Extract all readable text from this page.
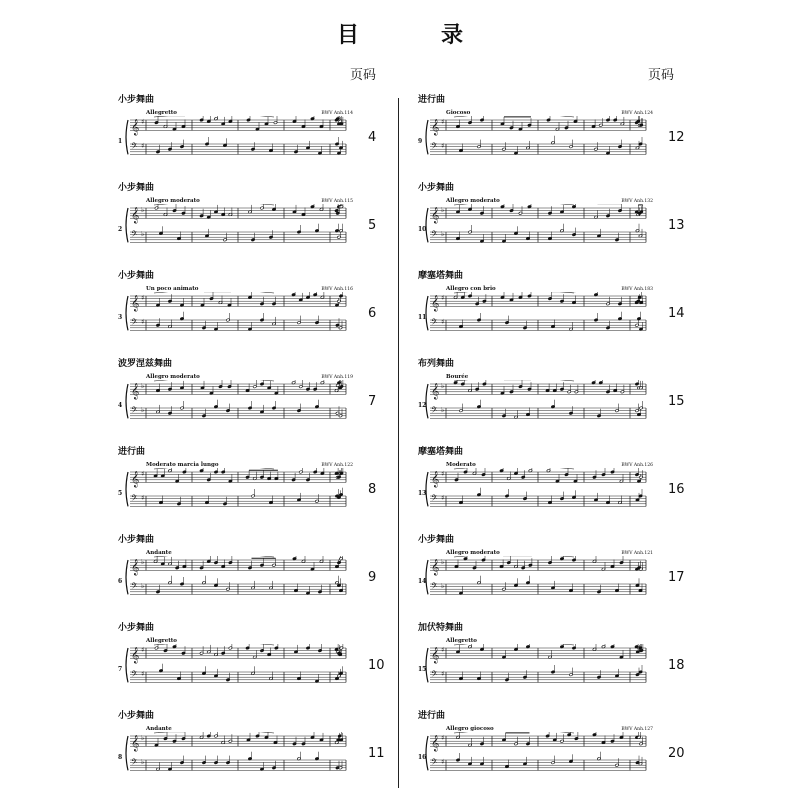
目　录
页码	页码
小步舞曲
Allegretto	BWV Anh.114
1
𝄞 ♯
𝄢 ♯
4
小步舞曲
Allegro moderato	BWV Anh.115
2
𝄞 ♭
𝄢 ♭
5
小步舞曲
Un poco animato	BWV Anh.116
3
𝄞 ♯
𝄢 ♯
6
波罗涅兹舞曲
Allegro moderato	BWV Anh.119
4
𝄞 ♭
𝄢 ♭
7
进行曲
Moderato marcia lungo	BWV Anh.122
5
𝄞 ♯
𝄢 ♯
8
小步舞曲
Andante
6
𝄞 ♭
𝄢 ♭
9
小步舞曲
Allegretto
7
𝄞 ♯
𝄢 ♯
10
小步舞曲
Andante
8
𝄞 ♭
𝄢 ♭
11
进行曲
Giocoso	BWV Anh.124
9
𝄞 ♯
𝄢 ♯
12
小步舞曲
Allegro moderato	BWV Anh.132
10
𝄞 ♭
𝄢 ♭
13
摩塞塔舞曲
Allegro con brio	BWV Anh.183
11
𝄞 ♯
𝄢 ♯
14
布列舞曲
Bourée
12
𝄞 ♭
𝄢 ♭
15
摩塞塔舞曲
Moderato	BWV Anh.126
13
𝄞 ♯
𝄢 ♯
16
小步舞曲
Allegro moderato	BWV Anh.121
14
𝄞 ♭
𝄢 ♭
17
加伏特舞曲
Allegretto
15
𝄞 ♯
𝄢 ♯
18
进行曲
Allegro giocoso	BWV Anh.127
16
𝄞 ♯
𝄢 ♯
20
